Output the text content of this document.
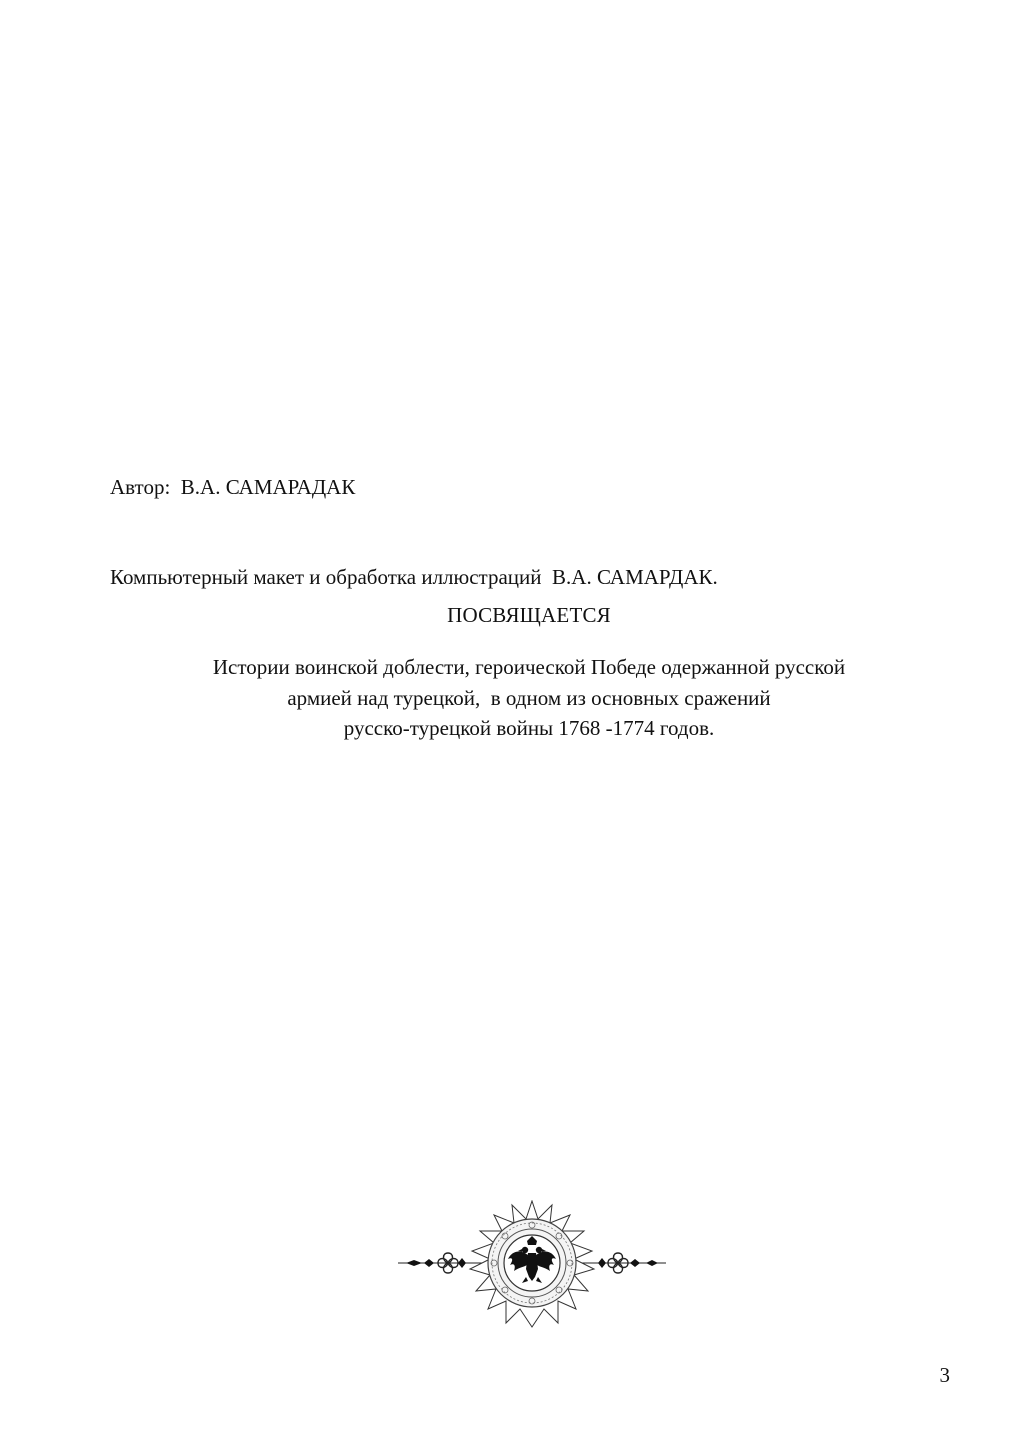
Автор:  В.А. САМАРАДАК

Компьютерный макет и обработка иллюстраций  В.А. САМАРДАК.

ПОСВЯЩАЕТСЯ
Истории воинской доблести, героической Победе одержанной русской
армией над турецкой,  в одном из основных сражений
русско-турецкой войны 1768 -1774 годов.
3
